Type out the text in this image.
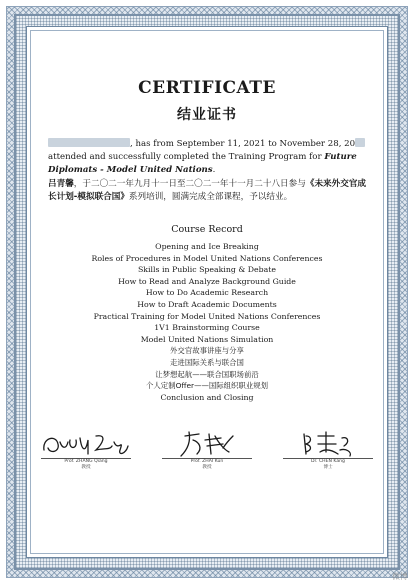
CERTIFICATE
结业证书
, has from September 11, 2021 to November 28, 20 attended and successfully completed the Training Program for Future Diplomats - Model United Nations.
吕青馨，于二〇二一年九月十一日至二〇二一年十一月二十八日参与《未来外交官成长计划-模拟联合国》系列培训，圆满完成全部课程，予以结业。
Course Record
Opening and Ice Breaking
Roles of Procedures in Model United Nations Conferences
Skills in Public Speaking & Debate
How to Read and Analyze Background Guide
How to Do Academic Research
How to Draft Academic Documents
Practical Training for Model United Nations Conferences
1V1 Brainstorming Course
Model United Nations Simulation
外交官故事讲座与分享
走进国际关系与联合国
让梦想起航——联合国职场前沿
个人定制Offer——国际组织职业规划
Conclusion and Closing
Prof. ZHANG Qiang
教授
Prof. ZHAI Kun
教授
Dr. CHEN Kang
博士
微博
